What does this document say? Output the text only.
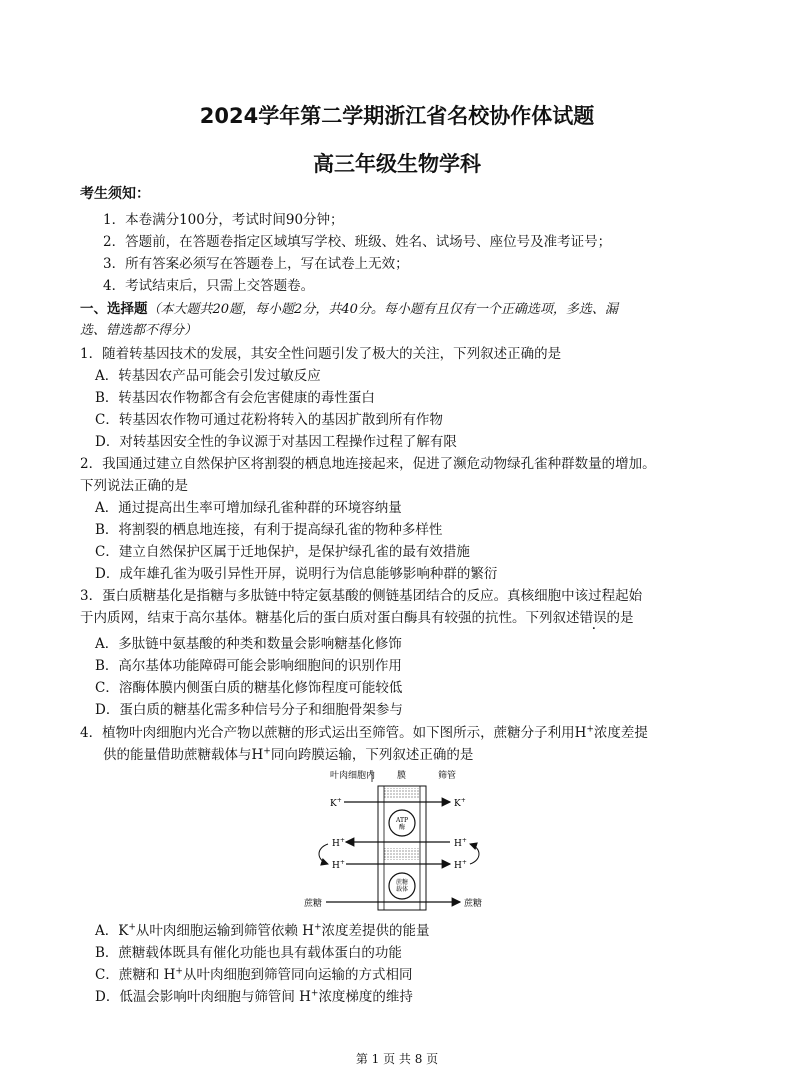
2024学年第二学期浙江省名校协作体试题
高三年级生物学科
考生须知：
1．本卷满分100分，考试时间90分钟；
2．答题前，在答题卷指定区域填写学校、班级、姓名、试场号、座位号及准考证号；
3．所有答案必须写在答题卷上，写在试卷上无效；
4．考试结束后，只需上交答题卷。
一、选择题（本大题共20题，每小题2分，共40分。每小题有且仅有一个正确选项，多选、漏
选、错选都不得分）
1．随着转基因技术的发展，其安全性问题引发了极大的关注，下列叙述正确的是
A．转基因农产品可能会引发过敏反应
B．转基因农作物都含有会危害健康的毒性蛋白
C．转基因农作物可通过花粉将转入的基因扩散到所有作物
D．对转基因安全性的争议源于对基因工程操作过程了解有限
2．我国通过建立自然保护区将割裂的栖息地连接起来，促进了濒危动物绿孔雀种群数量的增加。
下列说法正确的是
A．通过提高出生率可增加绿孔雀种群的环境容纳量
B．将割裂的栖息地连接，有利于提高绿孔雀的物种多样性
C．建立自然保护区属于迁地保护，是保护绿孔雀的最有效措施
D．成年雄孔雀为吸引异性开屏，说明行为信息能够影响种群的繁衍
3．蛋白质糖基化是指糖与多肽链中特定氨基酸的侧链基团结合的反应。真核细胞中该过程起始
于内质网，结束于高尔基体。糖基化后的蛋白质对蛋白酶具有较强的抗性。下列叙述错误的是
A．多肽链中氨基酸的种类和数量会影响糖基化修饰
B．高尔基体功能障碍可能会影响细胞间的识别作用
C．溶酶体膜内侧蛋白质的糖基化修饰程度可能较低
D．蛋白质的糖基化需多种信号分子和细胞骨架参与
4．植物叶肉细胞内光合产物以蔗糖的形式运出至筛管。如下图所示，蔗糖分子利用H+浓度差提
供的能量借助蔗糖载体与H+同向跨膜运输，下列叙述正确的是
叶肉细胞内 膜	筛管
K+	K+
ATP
酶
H+	H+
H+	H+
蔗糖
载体
蔗糖	蔗糖
A．K+从叶肉细胞运输到筛管依赖 H+浓度差提供的能量
B．蔗糖载体既具有催化功能也具有载体蛋白的功能
C．蔗糖和 H+从叶肉细胞到筛管同向运输的方式相同
D．低温会影响叶肉细胞与筛管间 H+浓度梯度的维持
第 1 页 共 8 页
